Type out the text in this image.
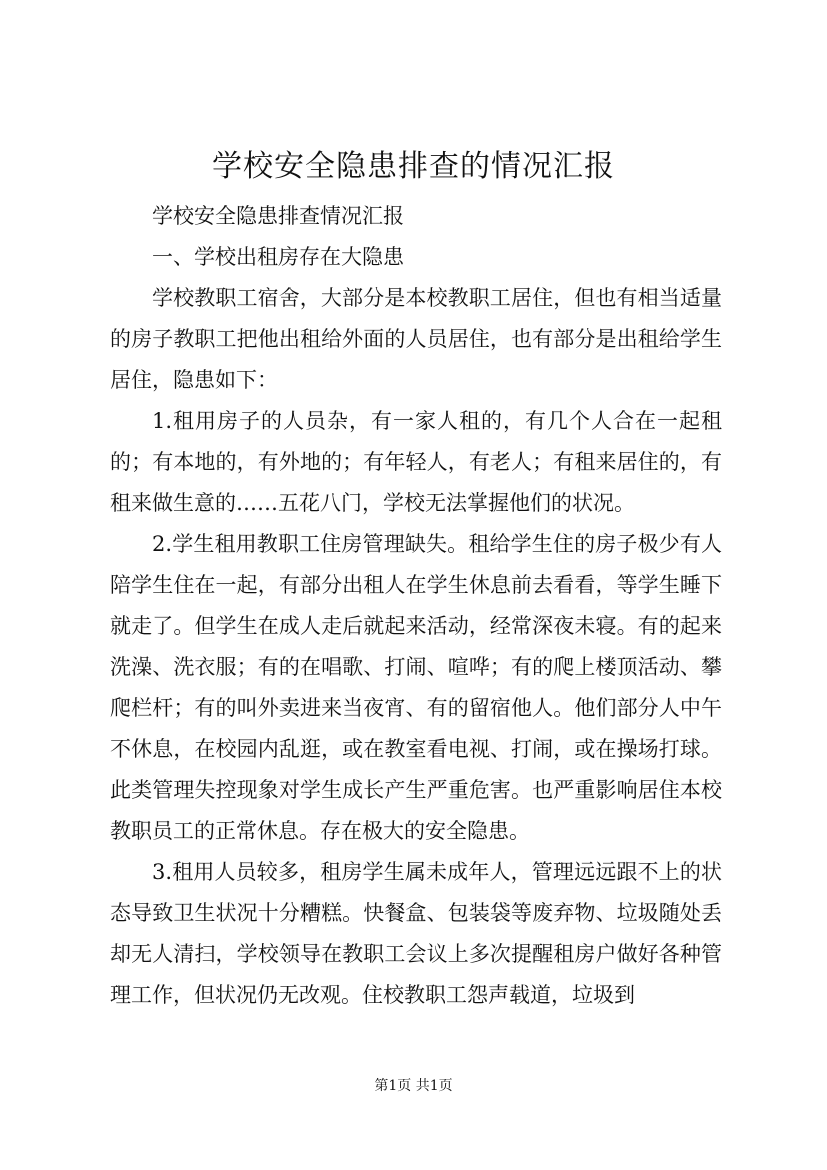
学校安全隐患排查的情况汇报

学校安全隐患排查情况汇报

一、学校出租房存在大隐患

学校教职工宿舍，大部分是本校教职工居住，但也有相当适量的房子教职工把他出租给外面的人员居住，也有部分是出租给学生居住，隐患如下：

1.租用房子的人员杂，有一家人租的，有几个人合在一起租的；有本地的，有外地的；有年轻人，有老人；有租来居住的，有租来做生意的……五花八门，学校无法掌握他们的状况。

2.学生租用教职工住房管理缺失。租给学生住的房子极少有人陪学生住在一起，有部分出租人在学生休息前去看看，等学生睡下就走了。但学生在成人走后就起来活动，经常深夜未寝。有的起来洗澡、洗衣服；有的在唱歌、打闹、喧哗；有的爬上楼顶活动、攀爬栏杆；有的叫外卖进来当夜宵、有的留宿他人。他们部分人中午不休息，在校园内乱逛，或在教室看电视、打闹，或在操场打球。此类管理失控现象对学生成长产生严重危害。也严重影响居住本校教职员工的正常休息。存在极大的安全隐患。

3.租用人员较多，租房学生属未成年人，管理远远跟不上的状态导致卫生状况十分糟糕。快餐盒、包装袋等废弃物、垃圾随处丢却无人清扫，学校领导在教职工会议上多次提醒租房户做好各种管理工作，但状况仍无改观。住校教职工怨声载道，垃圾到

第1页 共1页
